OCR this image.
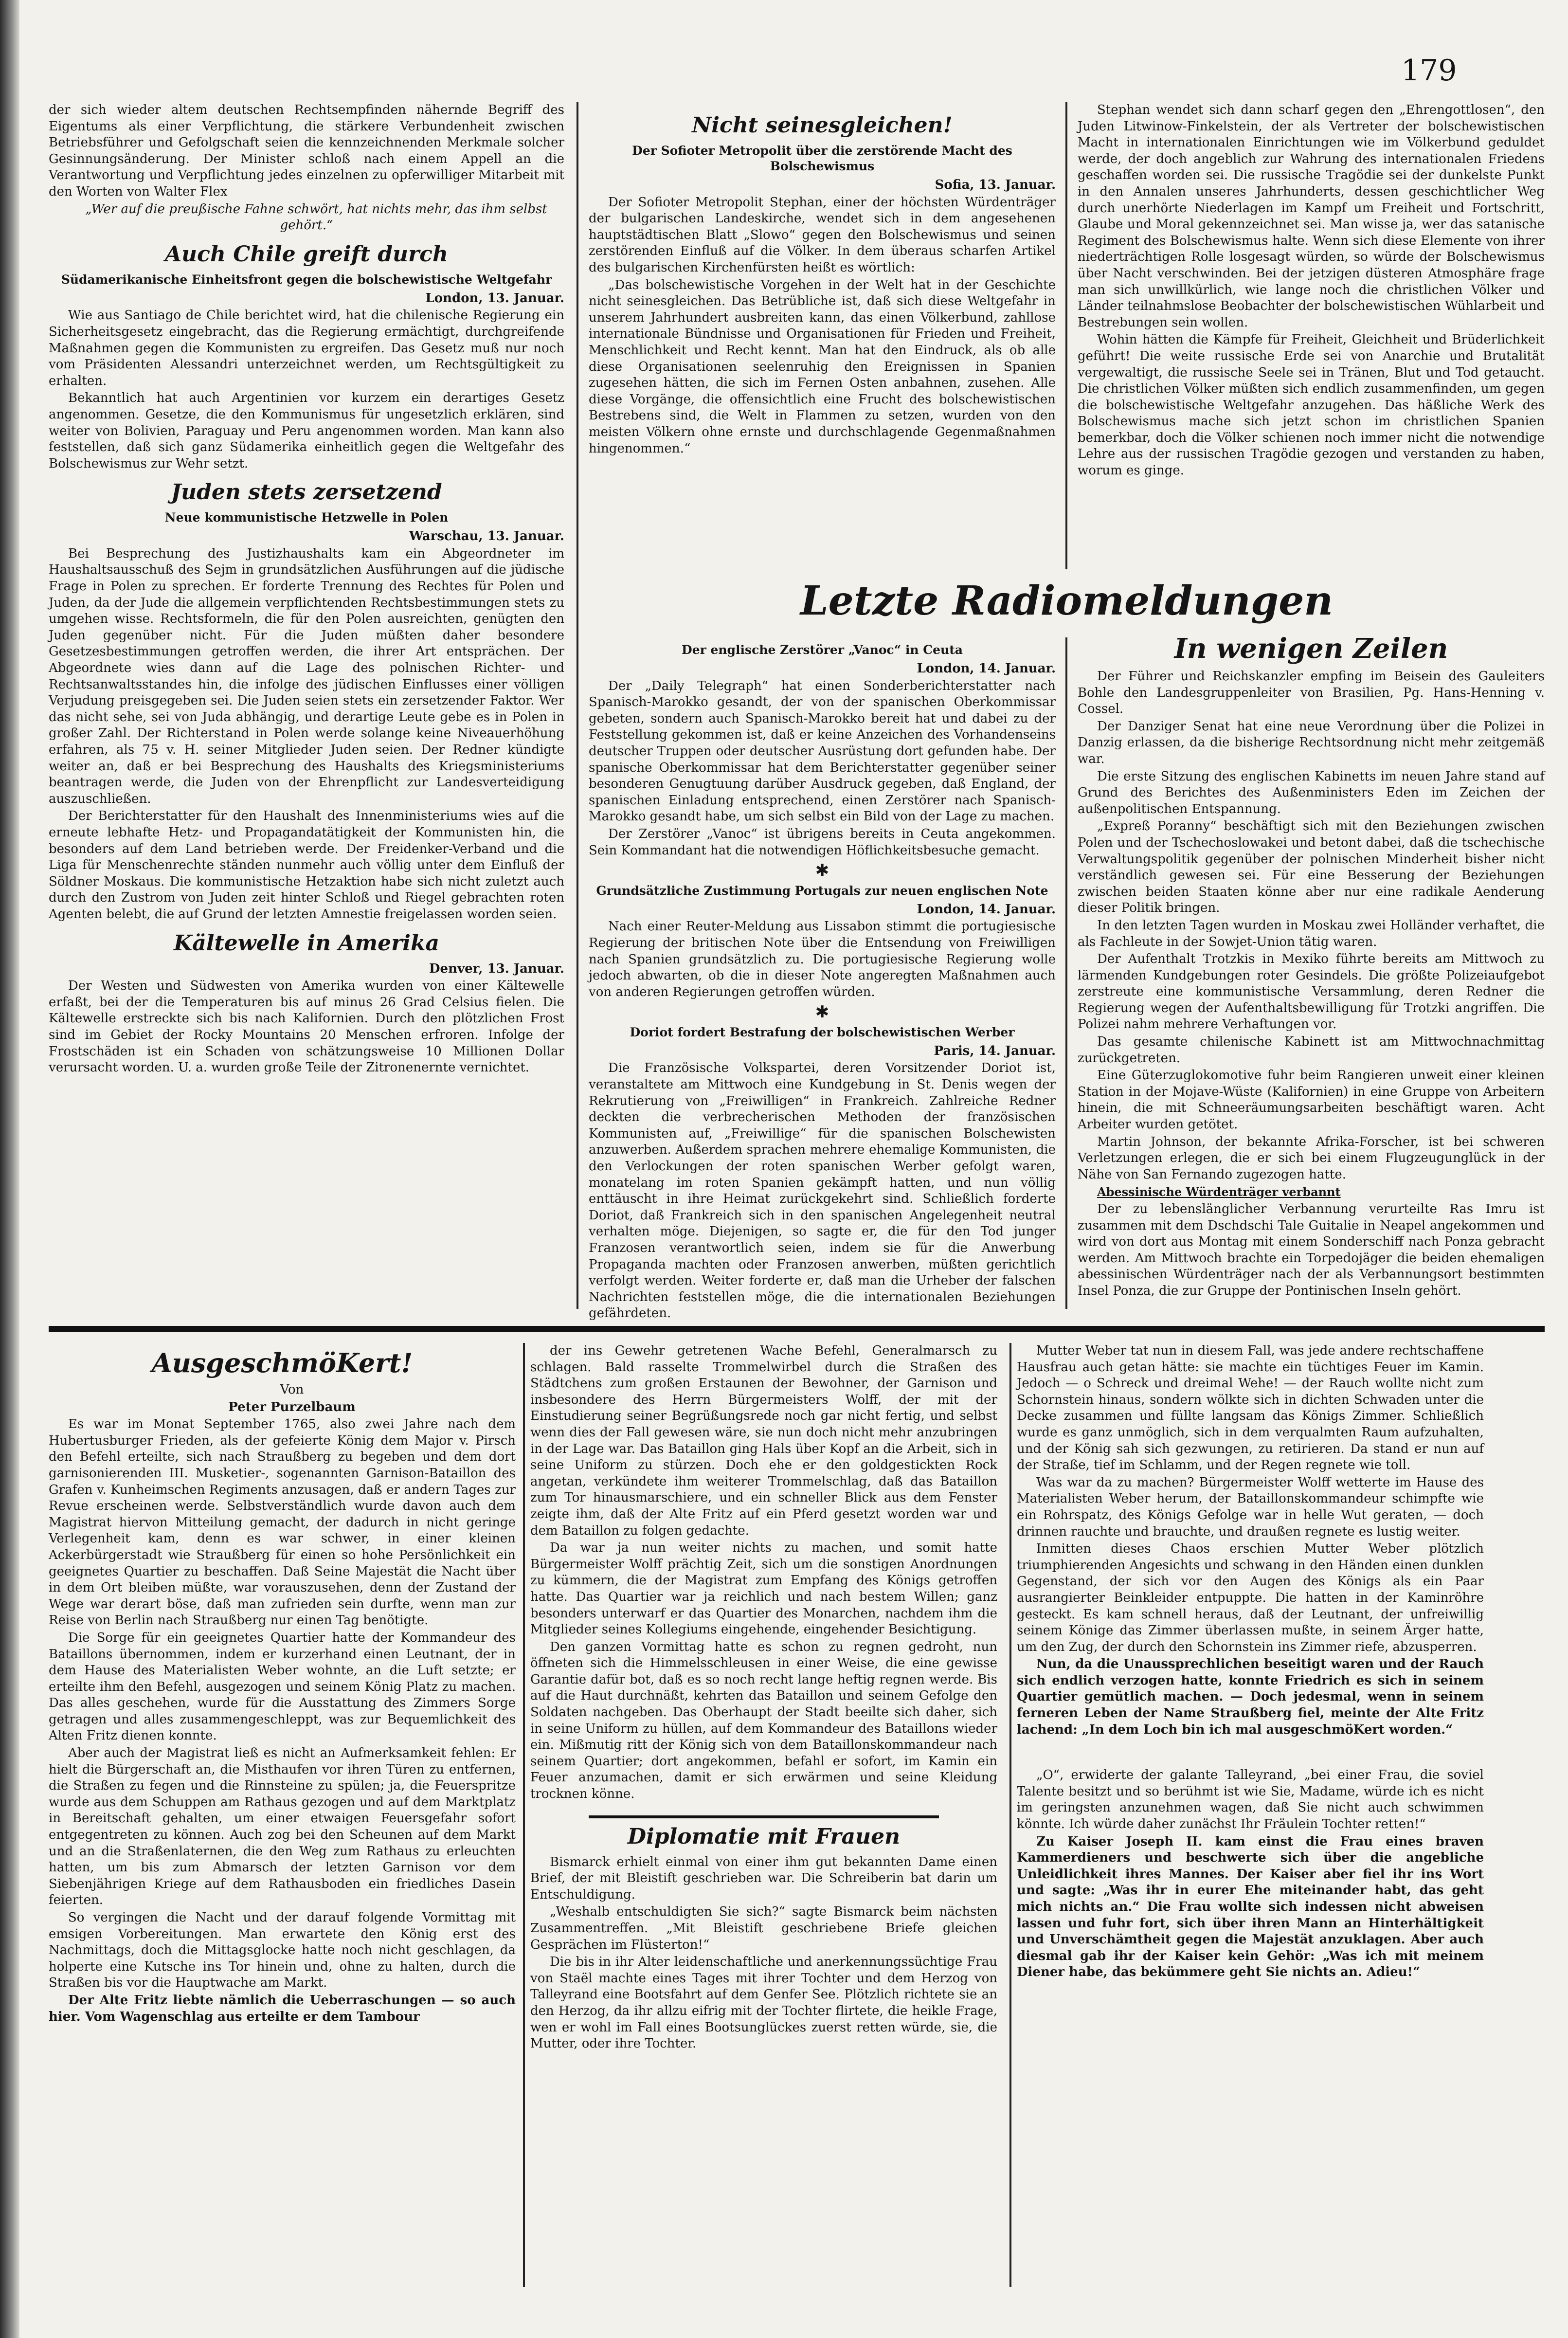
179

der sich wieder altem deutschen Rechtsempfinden nähernde Begriff des Eigentums als einer Verpflichtung, die stärkere Verbundenheit zwischen Betriebsführer und Gefolgschaft seien die kennzeichnenden Merkmale solcher Gesinnungsänderung. Der Minister schloß nach einem Appell an die Verantwortung und Verpflichtung jedes einzelnen zu opferwilliger Mitarbeit mit den Worten von Walter Flex

„Wer auf die preußische Fahne schwört, hat nichts mehr, das ihm selbst gehört.“

Auch Chile greift durch
Südamerikanische Einheitsfront gegen die bolschewistische Weltgefahr

London, 13. Januar.

Wie aus Santiago de Chile berichtet wird, hat die chilenische Regierung ein Sicherheitsgesetz eingebracht, das die Regierung ermächtigt, durchgreifende Maßnahmen gegen die Kommunisten zu ergreifen. Das Gesetz muß nur noch vom Präsidenten Alessandri unterzeichnet werden, um Rechtsgültigkeit zu erhalten.

Bekanntlich hat auch Argentinien vor kurzem ein derartiges Gesetz angenommen. Gesetze, die den Kommunismus für ungesetzlich erklären, sind weiter von Bolivien, Paraguay und Peru angenommen worden. Man kann also feststellen, daß sich ganz Südamerika einheitlich gegen die Weltgefahr des Bolschewismus zur Wehr setzt.

Juden stets zersetzend
Neue kommunistische Hetzwelle in Polen

Warschau, 13. Januar.

Bei Besprechung des Justizhaushalts kam ein Abgeordneter im Haushaltsausschuß des Sejm in grundsätzlichen Ausführungen auf die jüdische Frage in Polen zu sprechen. Er forderte Trennung des Rechtes für Polen und Juden, da der Jude die allgemein verpflichtenden Rechtsbestimmungen stets zu umgehen wisse. Rechtsformeln, die für den Polen ausreichten, genügten den Juden gegenüber nicht. Für die Juden müßten daher besondere Gesetzesbestimmungen getroffen werden, die ihrer Art entsprächen. Der Abgeordnete wies dann auf die Lage des polnischen Richter- und Rechtsanwaltsstandes hin, die infolge des jüdischen Einflusses einer völligen Verjudung preisgegeben sei. Die Juden seien stets ein zersetzender Faktor. Wer das nicht sehe, sei von Juda abhängig, und derartige Leute gebe es in Polen in großer Zahl. Der Richterstand in Polen werde solange keine Niveauerhöhung erfahren, als 75 v. H. seiner Mitglieder Juden seien. Der Redner kündigte weiter an, daß er bei Besprechung des Haushalts des Kriegsministeriums beantragen werde, die Juden von der Ehrenpflicht zur Landesverteidigung auszuschließen.

Der Berichterstatter für den Haushalt des Innenministeriums wies auf die erneute lebhafte Hetz- und Propagandatätigkeit der Kommunisten hin, die besonders auf dem Land betrieben werde. Der Freidenker-Verband und die Liga für Menschenrechte ständen nunmehr auch völlig unter dem Einfluß der Söldner Moskaus. Die kommunistische Hetzaktion habe sich nicht zuletzt auch durch den Zustrom von Juden zeit hinter Schloß und Riegel gebrachten roten Agenten belebt, die auf Grund der letzten Amnestie freigelassen worden seien.

Kältewelle in Amerika

Denver, 13. Januar.

Der Westen und Südwesten von Amerika wurden von einer Kältewelle erfaßt, bei der die Temperaturen bis auf minus 26 Grad Celsius fielen. Die Kältewelle erstreckte sich bis nach Kalifornien. Durch den plötzlichen Frost sind im Gebiet der Rocky Mountains 20 Menschen erfroren. Infolge der Frostschäden ist ein Schaden von schätzungsweise 10 Millionen Dollar verursacht worden. U. a. wurden große Teile der Zitronenernte vernichtet.

Nicht seinesgleichen!
Der Sofioter Metropolit über die zerstörende Macht des Bolschewismus

Sofia, 13. Januar.

Der Sofioter Metropolit Stephan, einer der höchsten Würdenträger der bulgarischen Landeskirche, wendet sich in dem angesehenen hauptstädtischen Blatt „Slowo“ gegen den Bolschewismus und seinen zerstörenden Einfluß auf die Völker. In dem überaus scharfen Artikel des bulgarischen Kirchenfürsten heißt es wörtlich:

„Das bolschewistische Vorgehen in der Welt hat in der Geschichte nicht seinesgleichen. Das Betrübliche ist, daß sich diese Weltgefahr in unserem Jahrhundert ausbreiten kann, das einen Völkerbund, zahllose internationale Bündnisse und Organisationen für Frieden und Freiheit, Menschlichkeit und Recht kennt. Man hat den Eindruck, als ob alle diese Organisationen seelenruhig den Ereignissen in Spanien zugesehen hätten, die sich im Fernen Osten anbahnen, zusehen. Alle diese Vorgänge, die offensichtlich eine Frucht des bolschewistischen Bestrebens sind, die Welt in Flammen zu setzen, wurden von den meisten Völkern ohne ernste und durchschlagende Gegenmaßnahmen hingenommen.“

Stephan wendet sich dann scharf gegen den „Ehrengottlosen“, den Juden Litwinow-Finkelstein, der als Vertreter der bolschewistischen Macht in internationalen Einrichtungen wie im Völkerbund geduldet werde, der doch angeblich zur Wahrung des internationalen Friedens geschaffen worden sei. Die russische Tragödie sei der dunkelste Punkt in den Annalen unseres Jahrhunderts, dessen geschichtlicher Weg durch unerhörte Niederlagen im Kampf um Freiheit und Fortschritt, Glaube und Moral gekennzeichnet sei. Man wisse ja, wer das satanische Regiment des Bolschewismus halte. Wenn sich diese Elemente von ihrer niederträchtigen Rolle losgesagt würden, so würde der Bolschewismus über Nacht verschwinden. Bei der jetzigen düsteren Atmosphäre frage man sich unwillkürlich, wie lange noch die christlichen Völker und Länder teilnahmslose Beobachter der bolschewistischen Wühlarbeit und Bestrebungen sein wollen.

Wohin hätten die Kämpfe für Freiheit, Gleichheit und Brüderlichkeit geführt! Die weite russische Erde sei von Anarchie und Brutalität vergewaltigt, die russische Seele sei in Tränen, Blut und Tod getaucht. Die christlichen Völker müßten sich endlich zusammenfinden, um gegen die bolschewistische Weltgefahr anzugehen. Das häßliche Werk des Bolschewismus mache sich jetzt schon im christlichen Spanien bemerkbar, doch die Völker schienen noch immer nicht die notwendige Lehre aus der russischen Tragödie gezogen und verstanden zu haben, worum es ginge.

Letzte Radiomeldungen
Der englische Zerstörer „Vanoc“ in Ceuta

London, 14. Januar.

Der „Daily Telegraph“ hat einen Sonderberichterstatter nach Spanisch-Marokko gesandt, der von der spanischen Oberkommissar gebeten, sondern auch Spanisch-Marokko bereit hat und dabei zu der Feststellung gekommen ist, daß er keine Anzeichen des Vorhandenseins deutscher Truppen oder deutscher Ausrüstung dort gefunden habe. Der spanische Oberkommissar hat dem Berichterstatter gegenüber seiner besonderen Genugtuung darüber Ausdruck gegeben, daß England, der spanischen Einladung entsprechend, einen Zerstörer nach Spanisch-Marokko gesandt habe, um sich selbst ein Bild von der Lage zu machen.

Der Zerstörer „Vanoc“ ist übrigens bereits in Ceuta angekommen. Sein Kommandant hat die notwendigen Höflichkeitsbesuche gemacht.

✱
Grundsätzliche Zustimmung Portugals zur neuen englischen Note

London, 14. Januar.

Nach einer Reuter-Meldung aus Lissabon stimmt die portugiesische Regierung der britischen Note über die Entsendung von Freiwilligen nach Spanien grundsätzlich zu. Die portugiesische Regierung wolle jedoch abwarten, ob die in dieser Note angeregten Maßnahmen auch von anderen Regierungen getroffen würden.

✱
Doriot fordert Bestrafung der bolschewistischen Werber

Paris, 14. Januar.

Die Französische Volkspartei, deren Vorsitzender Doriot ist, veranstaltete am Mittwoch eine Kundgebung in St. Denis wegen der Rekrutierung von „Freiwilligen“ in Frankreich. Zahlreiche Redner deckten die verbrecherischen Methoden der französischen Kommunisten auf, „Freiwillige“ für die spanischen Bolschewisten anzuwerben. Außerdem sprachen mehrere ehemalige Kommunisten, die den Verlockungen der roten spanischen Werber gefolgt waren, monatelang im roten Spanien gekämpft hatten, und nun völlig enttäuscht in ihre Heimat zurückgekehrt sind. Schließlich forderte Doriot, daß Frankreich sich in den spanischen Angelegenheit neutral verhalten möge. Diejenigen, so sagte er, die für den Tod junger Franzosen verantwortlich seien, indem sie für die Anwerbung Propaganda machten oder Franzosen anwerben, müßten gerichtlich verfolgt werden. Weiter forderte er, daß man die Urheber der falschen Nachrichten feststellen möge, die die internationalen Beziehungen gefährdeten.

In wenigen Zeilen

Der Führer und Reichskanzler empfing im Beisein des Gauleiters Bohle den Landesgruppenleiter von Brasilien, Pg. Hans-Henning v. Cossel.

Der Danziger Senat hat eine neue Verordnung über die Polizei in Danzig erlassen, da die bisherige Rechtsordnung nicht mehr zeitgemäß war.

Die erste Sitzung des englischen Kabinetts im neuen Jahre stand auf Grund des Berichtes des Außenministers Eden im Zeichen der außenpolitischen Entspannung.

„Expreß Poranny“ beschäftigt sich mit den Beziehungen zwischen Polen und der Tschechoslowakei und betont dabei, daß die tschechische Verwaltungspolitik gegenüber der polnischen Minderheit bisher nicht verständlich gewesen sei. Für eine Besserung der Beziehungen zwischen beiden Staaten könne aber nur eine radikale Aenderung dieser Politik bringen.

In den letzten Tagen wurden in Moskau zwei Holländer verhaftet, die als Fachleute in der Sowjet-Union tätig waren.

Der Aufenthalt Trotzkis in Mexiko führte bereits am Mittwoch zu lärmenden Kundgebungen roter Gesindels. Die größte Polizeiaufgebot zerstreute eine kommunistische Versammlung, deren Redner die Regierung wegen der Aufenthaltsbewilligung für Trotzki angriffen. Die Polizei nahm mehrere Verhaftungen vor.

Das gesamte chilenische Kabinett ist am Mittwochnachmittag zurückgetreten.

Eine Güterzuglokomotive fuhr beim Rangieren unweit einer kleinen Station in der Mojave-Wüste (Kalifornien) in eine Gruppe von Arbeitern hinein, die mit Schneeräumungsarbeiten beschäftigt waren. Acht Arbeiter wurden getötet.

Martin Johnson, der bekannte Afrika-Forscher, ist bei schweren Verletzungen erlegen, die er sich bei einem Flugzeugunglück in der Nähe von San Fernando zugezogen hatte.

Abessinische Würdenträger verbannt

Der zu lebenslänglicher Verbannung verurteilte Ras Imru ist zusammen mit dem Dschdschi Tale Guitalie in Neapel angekommen und wird von dort aus Montag mit einem Sonderschiff nach Ponza gebracht werden. Am Mittwoch brachte ein Torpedojäger die beiden ehemaligen abessinischen Würdenträger nach der als Verbannungsort bestimmten Insel Ponza, die zur Gruppe der Pontinischen Inseln gehört.

AusgeschmöKert!

Von

Peter Purzelbaum

Es war im Monat September 1765, also zwei Jahre nach dem Hubertusburger Frieden, als der gefeierte König dem Major v. Pirsch den Befehl erteilte, sich nach Straußberg zu begeben und dem dort garnisonierenden III. Musketier-, sogenannten Garnison-Bataillon des Grafen v. Kunheimschen Regiments anzusagen, daß er andern Tages zur Revue erscheinen werde. Selbstverständlich wurde davon auch dem Magistrat hiervon Mitteilung gemacht, der dadurch in nicht geringe Verlegenheit kam, denn es war schwer, in einer kleinen Ackerbürgerstadt wie Straußberg für einen so hohe Persönlichkeit ein geeignetes Quartier zu beschaffen. Daß Seine Majestät die Nacht über in dem Ort bleiben müßte, war vorauszusehen, denn der Zustand der Wege war derart böse, daß man zufrieden sein durfte, wenn man zur Reise von Berlin nach Straußberg nur einen Tag benötigte.

Die Sorge für ein geeignetes Quartier hatte der Kommandeur des Bataillons übernommen, indem er kurzerhand einen Leutnant, der in dem Hause des Materialisten Weber wohnte, an die Luft setzte; er erteilte ihm den Befehl, ausgezogen und seinem König Platz zu machen. Das alles geschehen, wurde für die Ausstattung des Zimmers Sorge getragen und alles zusammengeschleppt, was zur Bequemlichkeit des Alten Fritz dienen konnte.

Aber auch der Magistrat ließ es nicht an Aufmerksamkeit fehlen: Er hielt die Bürgerschaft an, die Misthaufen vor ihren Türen zu entfernen, die Straßen zu fegen und die Rinnsteine zu spülen; ja, die Feuerspritze wurde aus dem Schuppen am Rathaus gezogen und auf dem Marktplatz in Bereitschaft gehalten, um einer etwaigen Feuersgefahr sofort entgegentreten zu können. Auch zog bei den Scheunen auf dem Markt und an die Straßenlaternen, die den Weg zum Rathaus zu erleuchten hatten, um bis zum Abmarsch der letzten Garnison vor dem Siebenjährigen Kriege auf dem Rathausboden ein friedliches Dasein feierten.

So vergingen die Nacht und der darauf folgende Vormittag mit emsigen Vorbereitungen. Man erwartete den König erst des Nachmittags, doch die Mittagsglocke hatte noch nicht geschlagen, da holperte eine Kutsche ins Tor hinein und, ohne zu halten, durch die Straßen bis vor die Hauptwache am Markt.

Der Alte Fritz liebte nämlich die Ueberraschungen — so auch hier. Vom Wagenschlag aus erteilte er dem Tambour

der ins Gewehr getretenen Wache Befehl, Generalmarsch zu schlagen. Bald rasselte Trommelwirbel durch die Straßen des Städtchens zum großen Erstaunen der Bewohner, der Garnison und insbesondere des Herrn Bürgermeisters Wolff, der mit der Einstudierung seiner Begrüßungsrede noch gar nicht fertig, und selbst wenn dies der Fall gewesen wäre, sie nun doch nicht mehr anzubringen in der Lage war. Das Bataillon ging Hals über Kopf an die Arbeit, sich in seine Uniform zu stürzen. Doch ehe er den goldgestickten Rock angetan, verkündete ihm weiterer Trommelschlag, daß das Bataillon zum Tor hinausmarschiere, und ein schneller Blick aus dem Fenster zeigte ihm, daß der Alte Fritz auf ein Pferd gesetzt worden war und dem Bataillon zu folgen gedachte.

Da war ja nun weiter nichts zu machen, und somit hatte Bürgermeister Wolff prächtig Zeit, sich um die sonstigen Anordnungen zu kümmern, die der Magistrat zum Empfang des Königs getroffen hatte. Das Quartier war ja reichlich und nach bestem Willen; ganz besonders unterwarf er das Quartier des Monarchen, nachdem ihm die Mitglieder seines Kollegiums eingehende, eingehender Besichtigung.

Den ganzen Vormittag hatte es schon zu regnen gedroht, nun öffneten sich die Himmelsschleusen in einer Weise, die eine gewisse Garantie dafür bot, daß es so noch recht lange heftig regnen werde. Bis auf die Haut durchnäßt, kehrten das Bataillon und seinem Gefolge den Soldaten nachgeben. Das Oberhaupt der Stadt beeilte sich daher, sich in seine Uniform zu hüllen, auf dem Kommandeur des Bataillons wieder ein. Mißmutig ritt der König sich von dem Bataillonskommandeur nach seinem Quartier; dort angekommen, befahl er sofort, im Kamin ein Feuer anzumachen, damit er sich erwärmen und seine Kleidung trocknen könne.

Diplomatie mit Frauen

Bismarck erhielt einmal von einer ihm gut bekannten Dame einen Brief, der mit Bleistift geschrieben war. Die Schreiberin bat darin um Entschuldigung.

„Weshalb entschuldigten Sie sich?“ sagte Bismarck beim nächsten Zusammentreffen. „Mit Bleistift geschriebene Briefe gleichen Gesprächen im Flüsterton!“

Die bis in ihr Alter leidenschaftliche und anerkennungssüchtige Frau von Staël machte eines Tages mit ihrer Tochter und dem Herzog von Talleyrand eine Bootsfahrt auf dem Genfer See. Plötzlich richtete sie an den Herzog, da ihr allzu eifrig mit der Tochter flirtete, die heikle Frage, wen er wohl im Fall eines Bootsunglückes zuerst retten würde, sie, die Mutter, oder ihre Tochter.

Mutter Weber tat nun in diesem Fall, was jede andere rechtschaffene Hausfrau auch getan hätte: sie machte ein tüchtiges Feuer im Kamin. Jedoch — o Schreck und dreimal Wehe! — der Rauch wollte nicht zum Schornstein hinaus, sondern wölkte sich in dichten Schwaden unter die Decke zusammen und füllte langsam das Königs Zimmer. Schließlich wurde es ganz unmöglich, sich in dem verqualmten Raum aufzuhalten, und der König sah sich gezwungen, zu retirieren. Da stand er nun auf der Straße, tief im Schlamm, und der Regen regnete wie toll.

Was war da zu machen? Bürgermeister Wolff wetterte im Hause des Materialisten Weber herum, der Bataillonskommandeur schimpfte wie ein Rohrspatz, des Königs Gefolge war in helle Wut geraten, — doch drinnen rauchte und brauchte, und draußen regnete es lustig weiter.

Inmitten dieses Chaos erschien Mutter Weber plötzlich triumphierenden Angesichts und schwang in den Händen einen dunklen Gegenstand, der sich vor den Augen des Königs als ein Paar ausrangierter Beinkleider entpuppte. Die hatten in der Kaminröhre gesteckt. Es kam schnell heraus, daß der Leutnant, der unfreiwillig seinem Könige das Zimmer überlassen mußte, in seinem Ärger hatte, um den Zug, der durch den Schornstein ins Zimmer riefe, abzusperren.

Nun, da die Unaussprechlichen beseitigt waren und der Rauch sich endlich verzogen hatte, konnte Friedrich es sich in seinem Quartier gemütlich machen. — Doch jedesmal, wenn in seinem ferneren Leben der Name Straußberg fiel, meinte der Alte Fritz lachend: „In dem Loch bin ich mal ausgeschmöKert worden.“

„O“, erwiderte der galante Talleyrand, „bei einer Frau, die soviel Talente besitzt und so berühmt ist wie Sie, Madame, würde ich es nicht im geringsten anzunehmen wagen, daß Sie nicht auch schwimmen könnte. Ich würde daher zunächst Ihr Fräulein Tochter retten!“

Zu Kaiser Joseph II. kam einst die Frau eines braven Kammerdieners und beschwerte sich über die angebliche Unleidlichkeit ihres Mannes. Der Kaiser aber fiel ihr ins Wort und sagte: „Was ihr in eurer Ehe miteinander habt, das geht mich nichts an.“ Die Frau wollte sich indessen nicht abweisen lassen und fuhr fort, sich über ihren Mann an Hinterhältigkeit und Unverschämtheit gegen die Majestät anzuklagen. Aber auch diesmal gab ihr der Kaiser kein Gehör: „Was ich mit meinem Diener habe, das bekümmere geht Sie nichts an. Adieu!“
